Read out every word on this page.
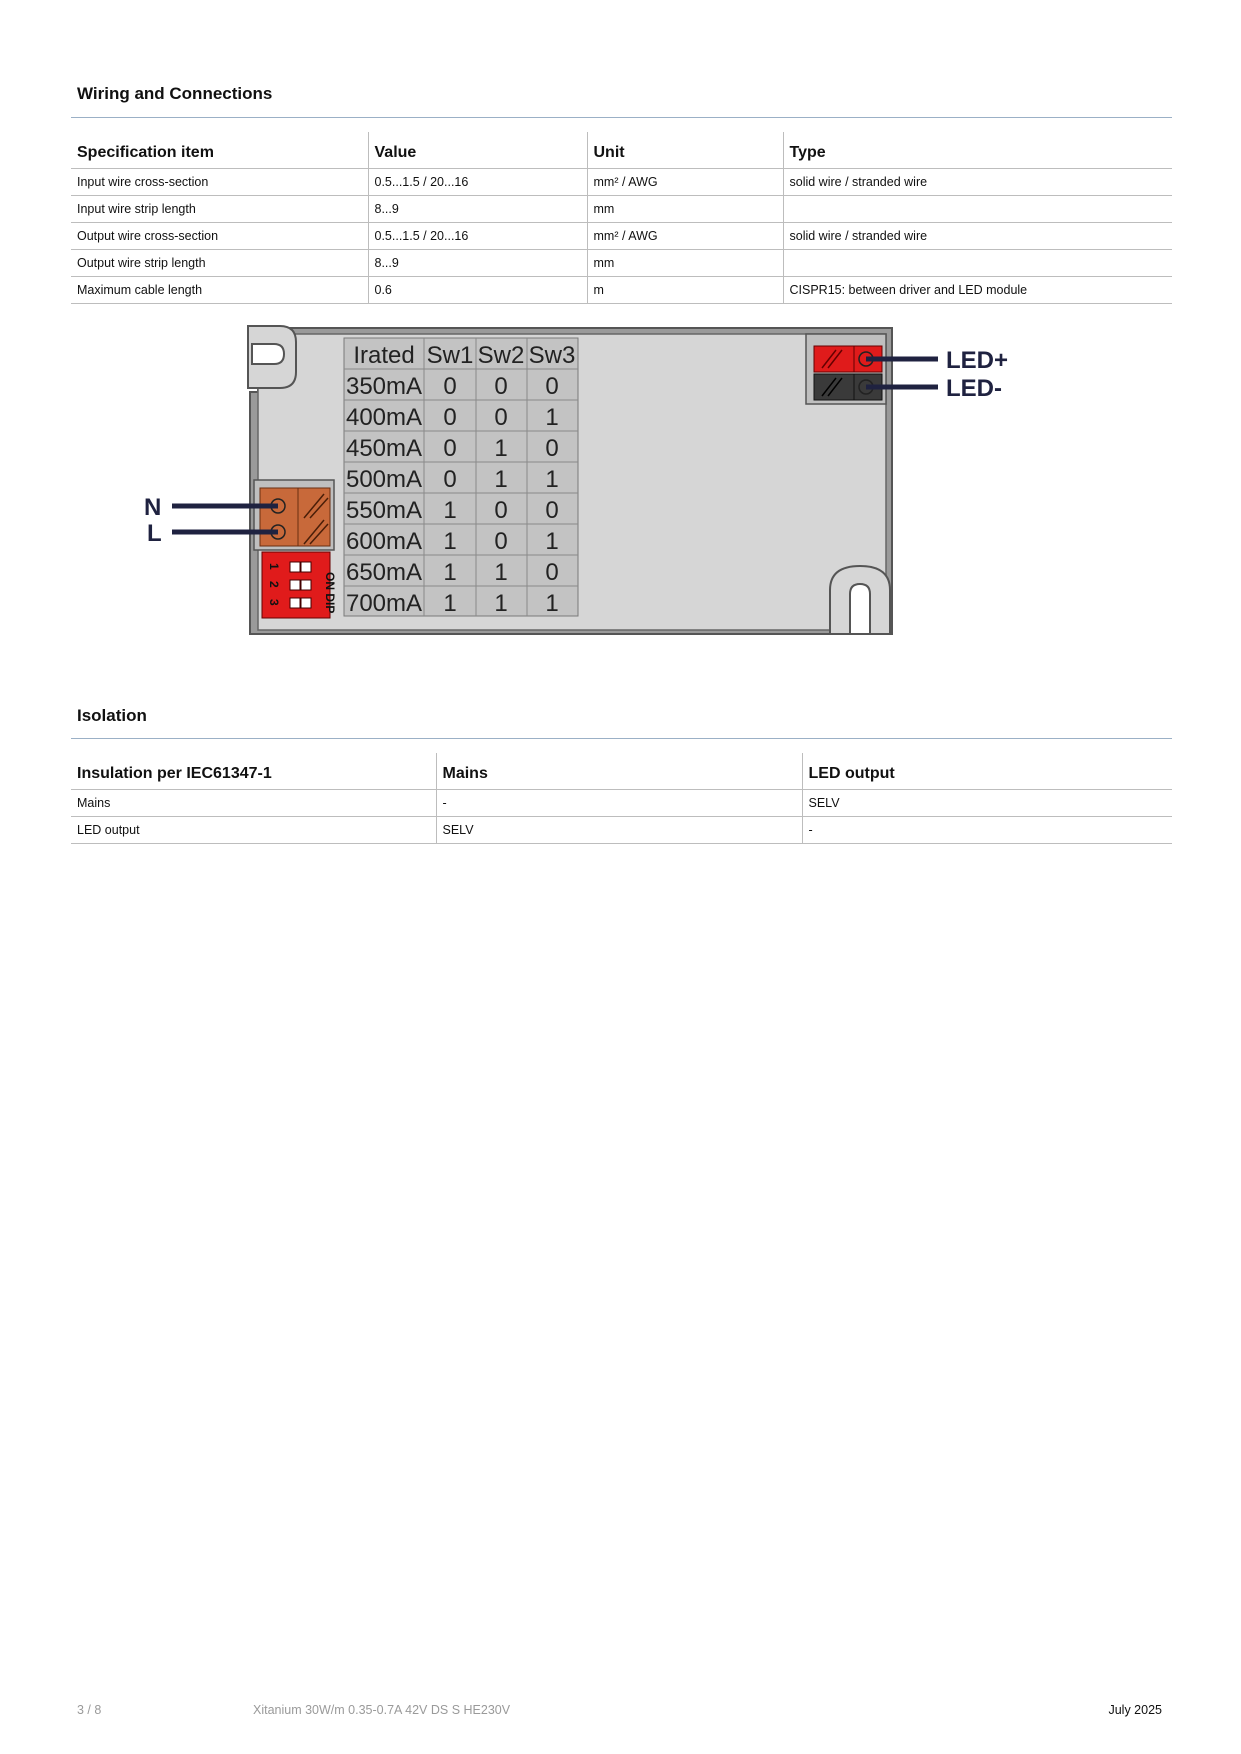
Wiring and Connections
Specification item	Value	Unit	Type
Input wire cross-section	0.5...1.5 / 20...16	mm² / AWG	solid wire / stranded wire
Input wire strip length	8...9	mm	
Output wire cross-section	0.5...1.5 / 20...16	mm² / AWG	solid wire / stranded wire
Output wire strip length	8...9	mm	
Maximum cable length	0.6	m	CISPR15: between driver and LED module
LED+
LED-
N
L
ON DIP
1
2
3
Irated Sw1 Sw2 Sw3
350mA 0 0 0
400mA 0 0 1
450mA 0 1 0
500mA 0 1 1
550mA 1 0 0
600mA 1 0 1
650mA 1 1 0
700mA 1 1 1
Isolation
Insulation per IEC61347-1	Mains	LED output
Mains	-	SELV
LED output	SELV	-
3 / 8	Xitanium 30W/m 0.35-0.7A 42V DS S HE230V	July 2025
